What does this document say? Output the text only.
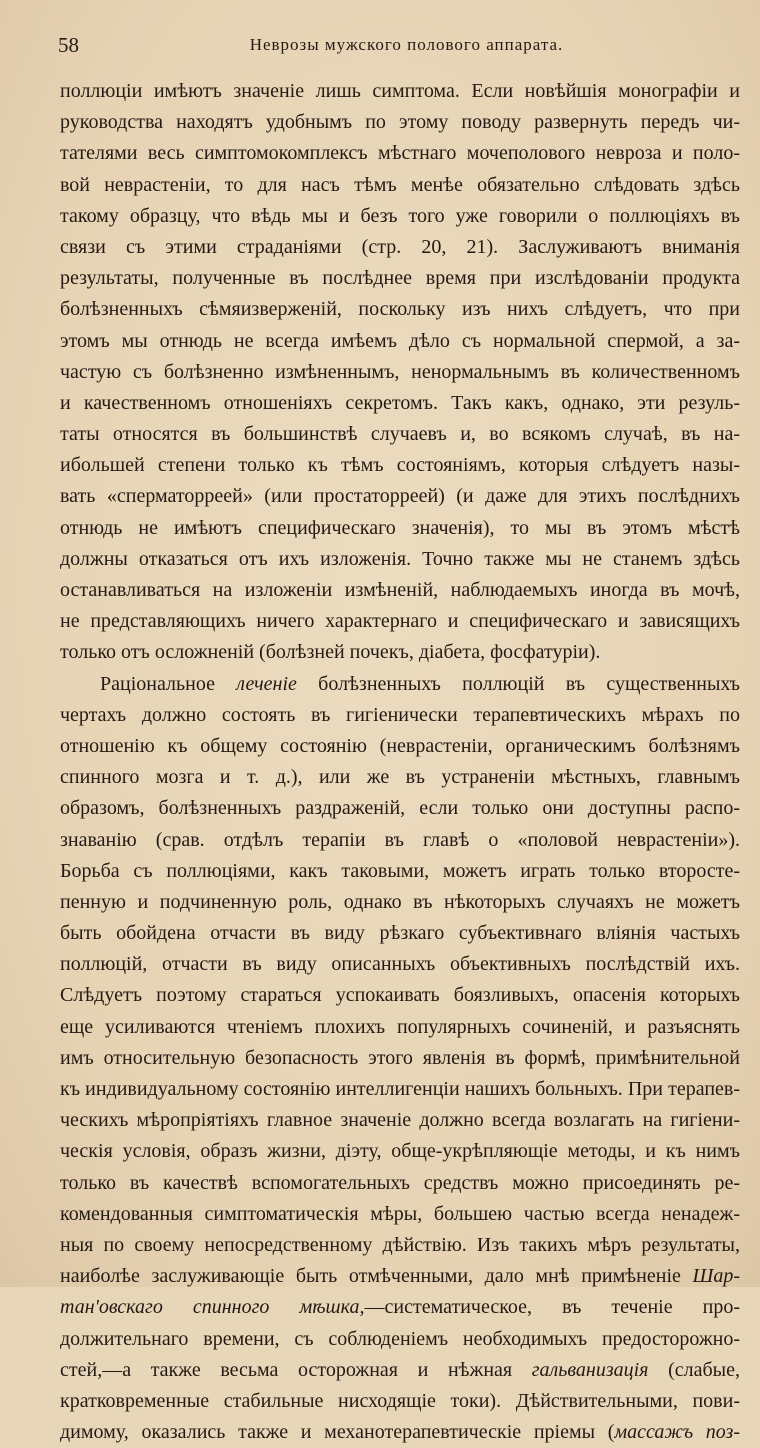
58	Неврозы мужского полового аппарата.
поллюціи имѣютъ значеніе лишь симптома. Если новѣйшія монографіи и
руководства находятъ удобнымъ по этому поводу развернуть передъ чи-
тателями весь симптомокомплексъ мѣстнаго мочеполового невроза и поло-
вой неврастеніи, то для насъ тѣмъ менѣе обязательно слѣдовать здѣсь
такому образцу, что вѣдь мы и безъ того уже говорили о поллюціяхъ въ
связи съ этими страданіями (стр. 20, 21). Заслуживаютъ вниманія
результаты, полученные въ послѣднее время при изслѣдованіи продукта
болѣзненныхъ сѣмяизверженій, поскольку изъ нихъ слѣдуетъ, что при
этомъ мы отнюдь не всегда имѣемъ дѣло съ нормальной спермой, а за-
частую съ болѣзненно измѣненнымъ, ненормальнымъ въ количественномъ
и качественномъ отношеніяхъ секретомъ. Такъ какъ, однако, эти резуль-
таты относятся въ большинствѣ случаевъ и, во всякомъ случаѣ, въ на-
ибольшей степени только къ тѣмъ состояніямъ, которыя слѣдуетъ назы-
вать «сперматорреей» (или простаторреей) (и даже для этихъ послѣднихъ
отнюдь не имѣютъ специфическаго значенія), то мы въ этомъ мѣстѣ
должны отказаться отъ ихъ изложенія. Точно также мы не станемъ здѣсь
останавливаться на изложеніи измѣненій, наблюдаемыхъ иногда въ мочѣ,
не представляющихъ ничего характернаго и специфическаго и зависящихъ
только отъ осложненій (болѣзней почекъ, діабета, фосфатуріи).
Раціональное леченіе болѣзненныхъ поллюцій въ существенныхъ
чертахъ должно состоять въ гигіенически терапевтическихъ мѣрахъ по
отношенію къ общему состоянію (неврастеніи, органическимъ болѣзнямъ
спинного мозга и т. д.), или же въ устраненіи мѣстныхъ, главнымъ
образомъ, болѣзненныхъ раздраженій, если только они доступны распо-
знаванію (срав. отдѣлъ терапіи въ главѣ о «половой неврастеніи»).
Борьба съ поллюціями, какъ таковыми, можетъ играть только второсте-
пенную и подчиненную роль, однако въ нѣкоторыхъ случаяхъ не можетъ
быть обойдена отчасти въ виду рѣзкаго субъективнаго вліянія частыхъ
поллюцій, отчасти въ виду описанныхъ объективныхъ послѣдствій ихъ.
Слѣдуетъ поэтому стараться успокаивать боязливыхъ, опасенія которыхъ
еще усиливаются чтеніемъ плохихъ популярныхъ сочиненій, и разъяснять
имъ относительную безопасность этого явленія въ формѣ, примѣнительной
къ индивидуальному состоянію интеллигенціи нашихъ больныхъ. При терапев-
ческихъ мѣропріятіяхъ главное значеніе должно всегда возлагать на гигіени-
ческія условія, образъ жизни, діэту, обще-укрѣпляющіе методы, и къ нимъ
только въ качествѣ вспомогательныхъ средствъ можно присоединять ре-
комендованныя симптоматическія мѣры, большею частью всегда ненадеж-
ныя по своему непосредственному дѣйствію. Изъ такихъ мѣръ результаты,
наиболѣе заслуживающіе быть отмѣченными, дало мнѣ примѣненіе Шар-
тан'овскаго спинного мѣшка,—систематическое, въ теченіе про-
должительнаго времени, съ соблюденіемъ необходимыхъ предосторожно-
стей,—а также весьма осторожная и нѣжная гальванизація (слабые,
кратковременные стабильные нисходящіе токи). Дѣйствительными, пови-
димому, оказались также и механотерапевтическіе пріемы (массажъ поз-
